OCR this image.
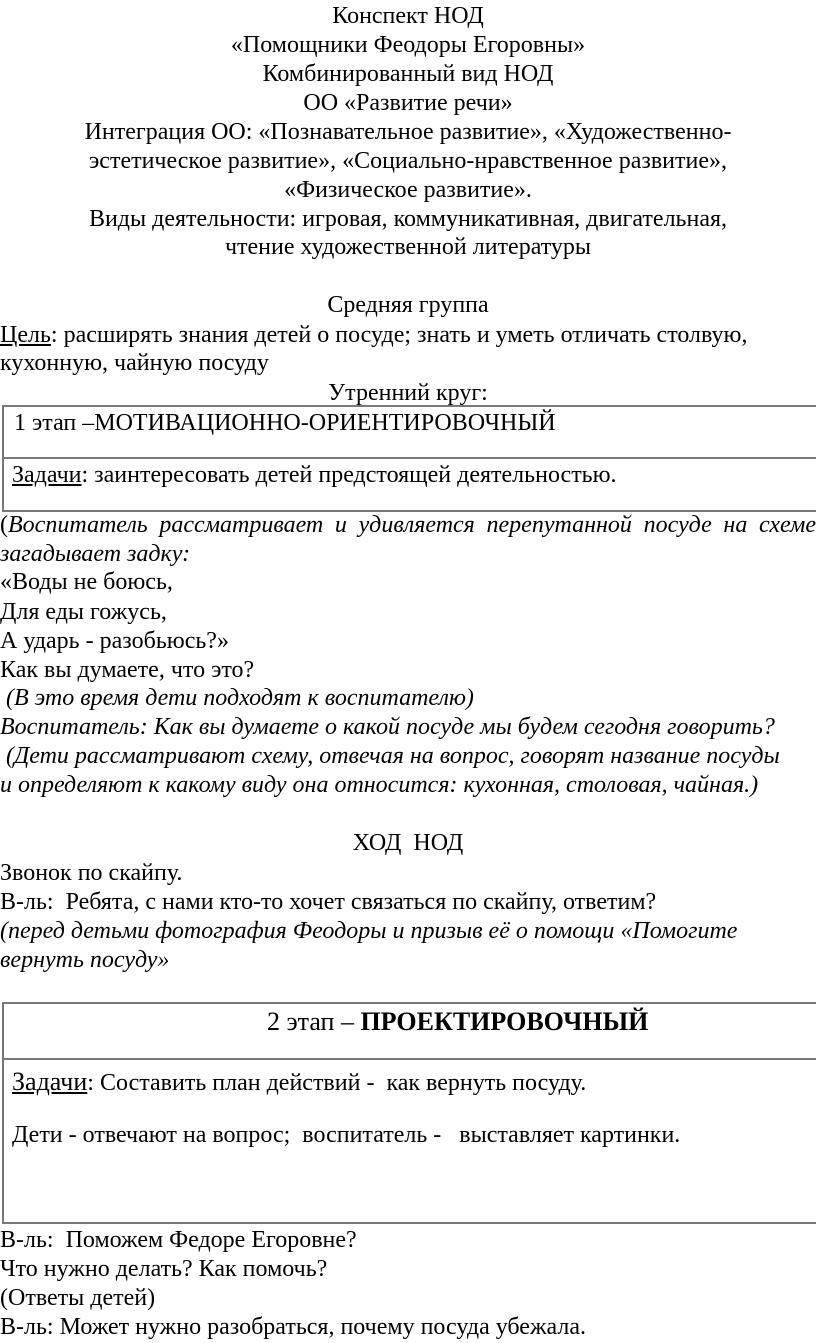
Конспект НОД
«Помощники Феодоры Егоровны»
Комбинированный вид НОД
ОО «Развитие речи»
Интеграция ОО: «Познавательное развитие», «Художественно-
эстетическое развитие», «Социально-нравственное развитие»,
«Физическое развитие».
Виды деятельности: игровая, коммуникативная, двигательная,
чтение художественной литературы
Средняя группа
Цель: расширять знания детей о посуде; знать и уметь отличать столвую,
кухонную, чайную посуду
Утренний круг:
1 этап –МОТИВАЦИОННО-ОРИЕНТИРОВОЧНЫЙ
Задачи: заинтересовать детей предстоящей деятельностью.
(Воспитатель рассматривает и удивляется перепутанной посуде на схеме
загадывает задку:
«Воды не боюсь,
Для еды гожусь,
А ударь - разобьюсь?»
Как вы думаете, что это?
(В это время дети подходят к воспитателю)
Воспитатель: Как вы думаете о какой посуде мы будем сегодня говорить?
(Дети рассматривают схему, отвечая на вопрос, говорят название посуды
и определяют к какому виду она относится: кухонная, столовая, чайная.)
ХОД  НОД
Звонок по скайпу.
В-ль:  Ребята, с нами кто-то хочет связаться по скайпу, ответим?
(перед детьми фотография Феодоры и призыв её о помощи «Помогите
вернуть посуду»
2 этап – ПРОЕКТИРОВОЧНЫЙ
Задачи: Составить план действий -  как вернуть посуду.
Дети - отвечают на вопрос;  воспитатель -   выставляет картинки.
В-ль:  Поможем Федоре Егоровне?
Что нужно делать? Как помочь?
(Ответы детей)
В-ль: Может нужно разобраться, почему посуда убежала.
